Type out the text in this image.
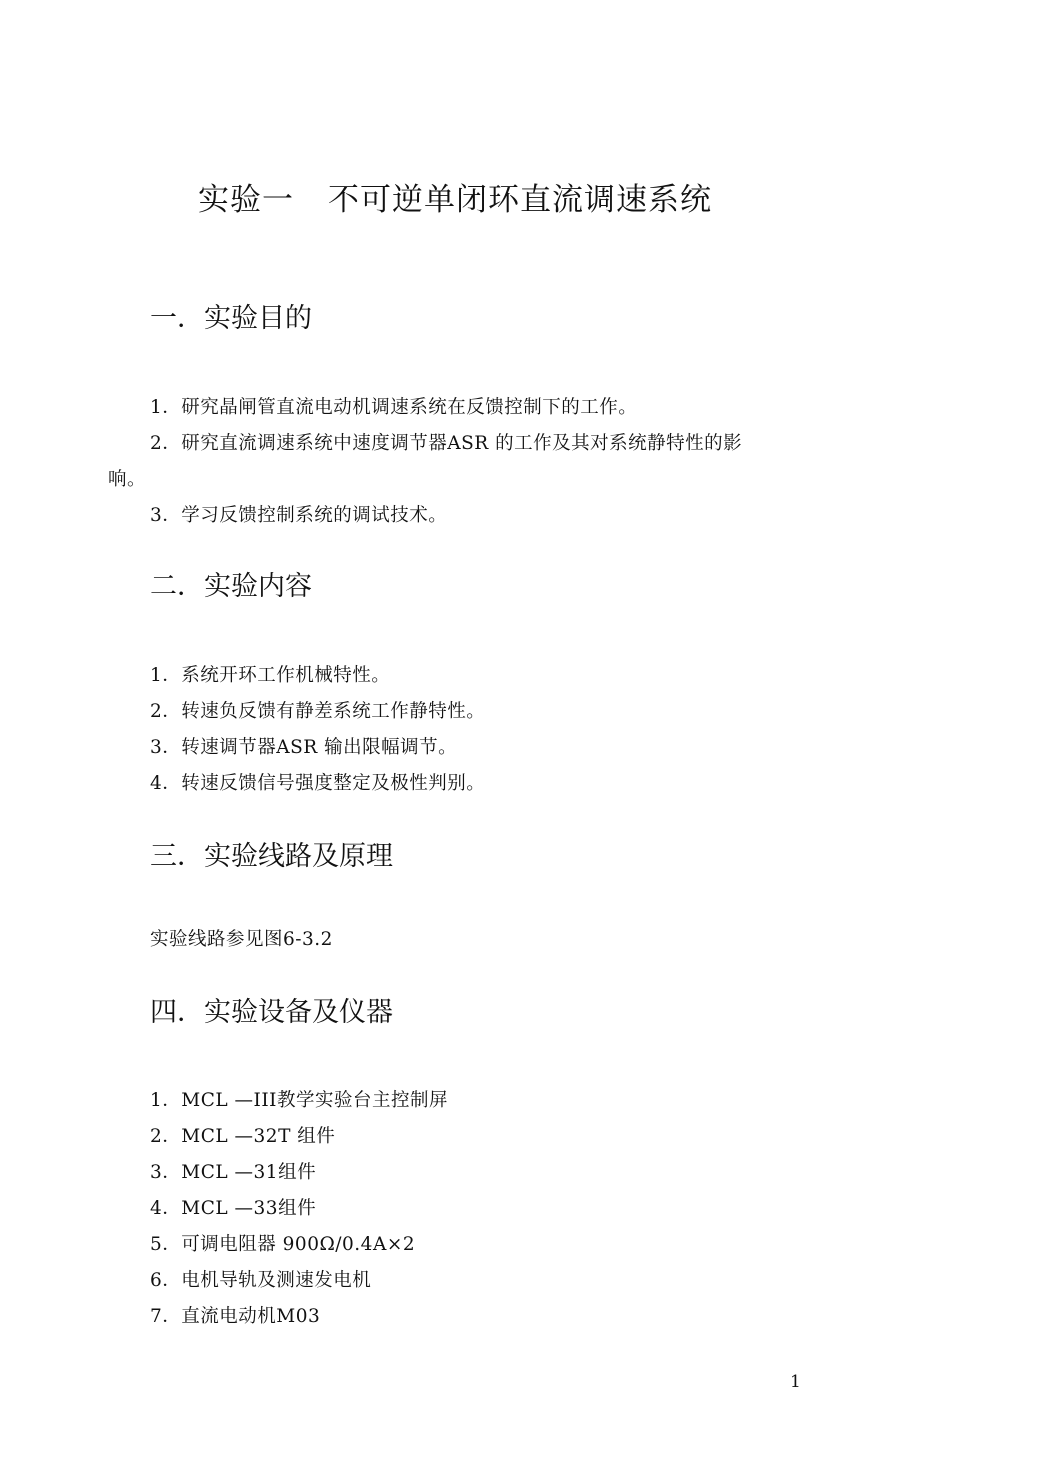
实验一 不可逆单闭环直流调速系统
一．实验目的
1．研究晶闸管直流电动机调速系统在反馈控制下的工作。
2．研究直流调速系统中速度调节器ASR 的工作及其对系统静特性的影
响。
3．学习反馈控制系统的调试技术。
二．实验内容
1．系统开环工作机械特性。
2．转速负反馈有静差系统工作静特性。
3．转速调节器ASR 输出限幅调节。
4．转速反馈信号强度整定及极性判别。
三．实验线路及原理
实验线路参见图6-3.2
四．实验设备及仪器
1．MCL —III教学实验台主控制屏
2．MCL —32T 组件
3．MCL —31组件
4．MCL —33组件
5．可调电阻器 900Ω/0.4A×2
6．电机导轨及测速发电机
7．直流电动机M03
1
